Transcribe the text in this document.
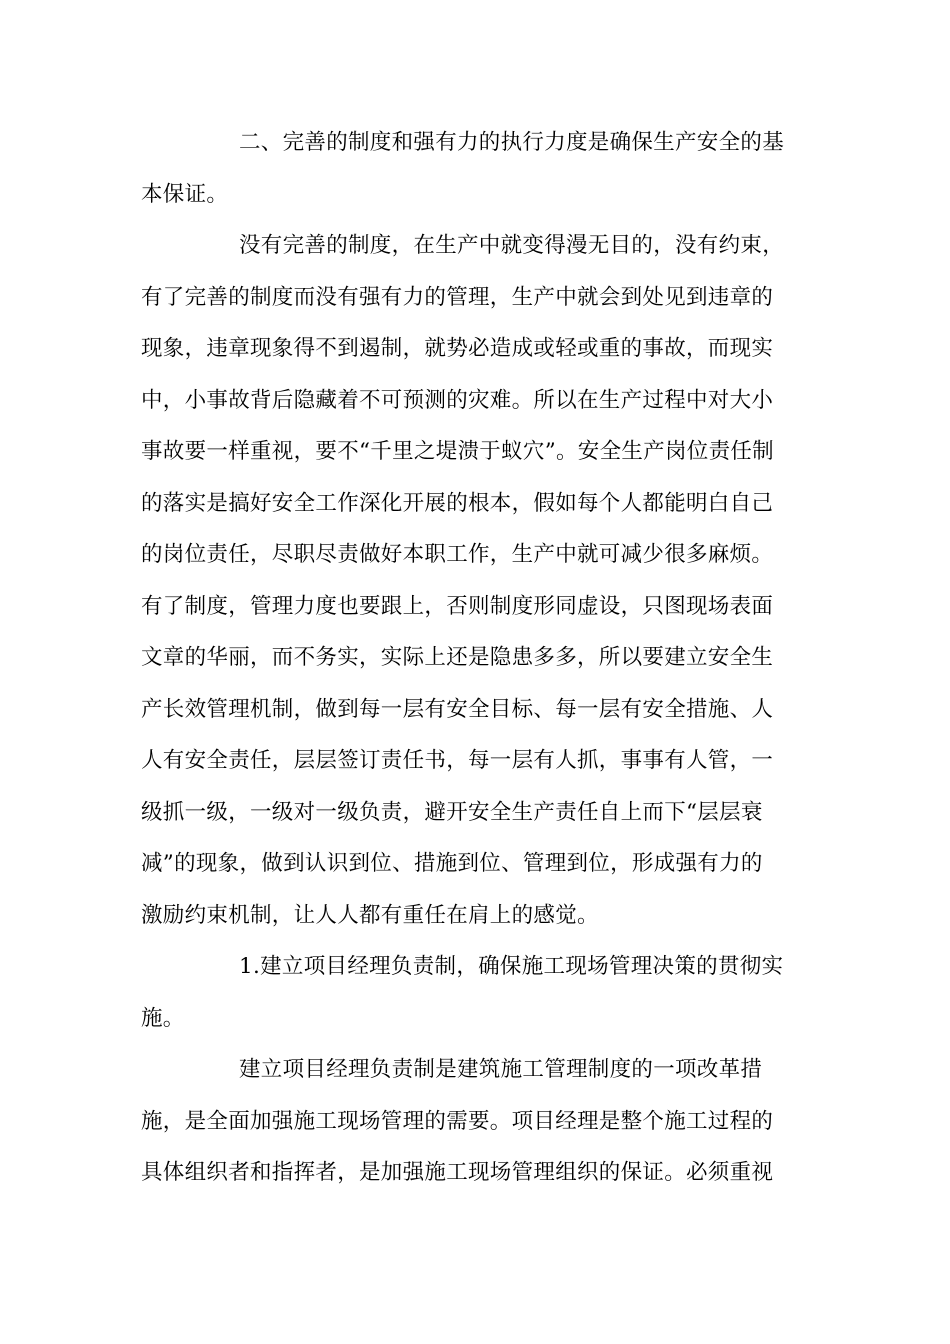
二、完善的制度和强有力的执行力度是确保生产安全的基
本保证。
没有完善的制度，在生产中就变得漫无目的，没有约束，
有了完善的制度而没有强有力的管理，生产中就会到处见到违章的
现象，违章现象得不到遏制，就势必造成或轻或重的事故，而现实
中，小事故背后隐藏着不可预测的灾难。所以在生产过程中对大小
事故要一样重视，要不“千里之堤溃于蚁穴”。安全生产岗位责任制
的落实是搞好安全工作深化开展的根本，假如每个人都能明白自己
的岗位责任，尽职尽责做好本职工作，生产中就可减少很多麻烦。
有了制度，管理力度也要跟上，否则制度形同虚设，只图现场表面
文章的华丽，而不务实，实际上还是隐患多多，所以要建立安全生
产长效管理机制，做到每一层有安全目标、每一层有安全措施、人
人有安全责任，层层签订责任书，每一层有人抓，事事有人管，一
级抓一级，一级对一级负责，避开安全生产责任自上而下“层层衰
减”的现象，做到认识到位、措施到位、管理到位，形成强有力的
激励约束机制，让人人都有重任在肩上的感觉。
1.建立项目经理负责制，确保施工现场管理决策的贯彻实
施。
建立项目经理负责制是建筑施工管理制度的一项改革措
施，是全面加强施工现场管理的需要。项目经理是整个施工过程的
具体组织者和指挥者，是加强施工现场管理组织的保证。必须重视
